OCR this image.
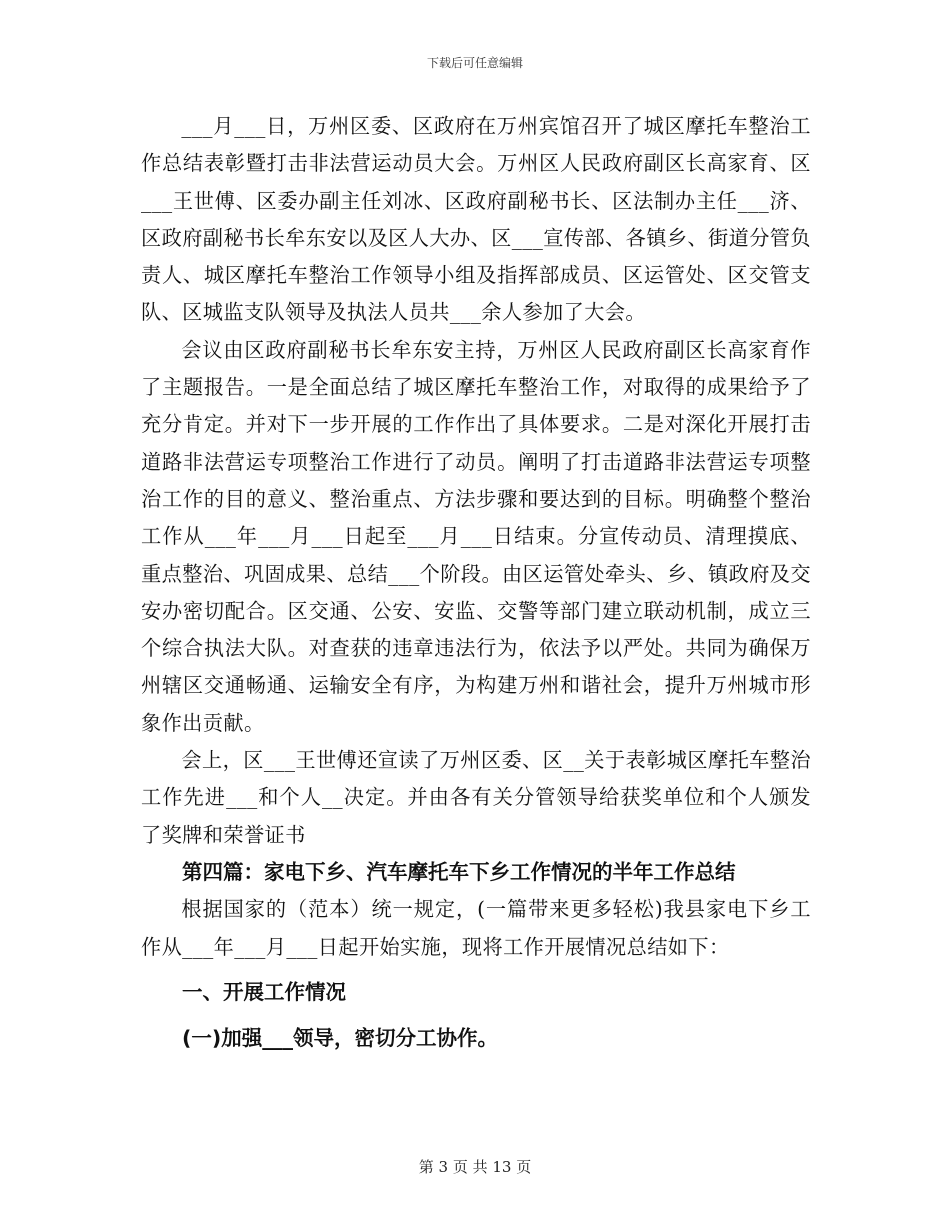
下载后可任意编辑

___月___日，万州区委、区政府在万州宾馆召开了城区摩托车整治工作总结表彰暨打击非法营运动员大会。万州区人民政府副区长高家育、区___王世傅、区委办副主任刘冰、区政府副秘书长、区法制办主任___济、区政府副秘书长牟东安以及区人大办、区___宣传部、各镇乡、街道分管负责人、城区摩托车整治工作领导小组及指挥部成员、区运管处、区交管支队、区城监支队领导及执法人员共___余人参加了大会。

会议由区政府副秘书长牟东安主持，万州区人民政府副区长高家育作了主题报告。一是全面总结了城区摩托车整治工作，对取得的成果给予了充分肯定。并对下一步开展的工作作出了具体要求。二是对深化开展打击道路非法营运专项整治工作进行了动员。阐明了打击道路非法营运专项整治工作的目的意义、整治重点、方法步骤和要达到的目标。明确整个整治工作从___年___月___日起至___月___日结束。分宣传动员、清理摸底、重点整治、巩固成果、总结___个阶段。由区运管处牵头、乡、镇政府及交安办密切配合。区交通、公安、安监、交警等部门建立联动机制，成立三个综合执法大队。对查获的违章违法行为，依法予以严处。共同为确保万州辖区交通畅通、运输安全有序，为构建万州和谐社会，提升万州城市形象作出贡献。

会上，区___王世傅还宣读了万州区委、区__关于表彰城区摩托车整治工作先进___和个人__决定。并由各有关分管领导给获奖单位和个人颁发了奖牌和荣誉证书

第四篇：家电下乡、汽车摩托车下乡工作情况的半年工作总结

根据国家的（范本）统一规定，(一篇带来更多轻松)我县家电下乡工作从___年___月___日起开始实施，现将工作开展情况总结如下：

一、开展工作情况

(一)加强___领导，密切分工协作。

第 3 页 共 13 页
